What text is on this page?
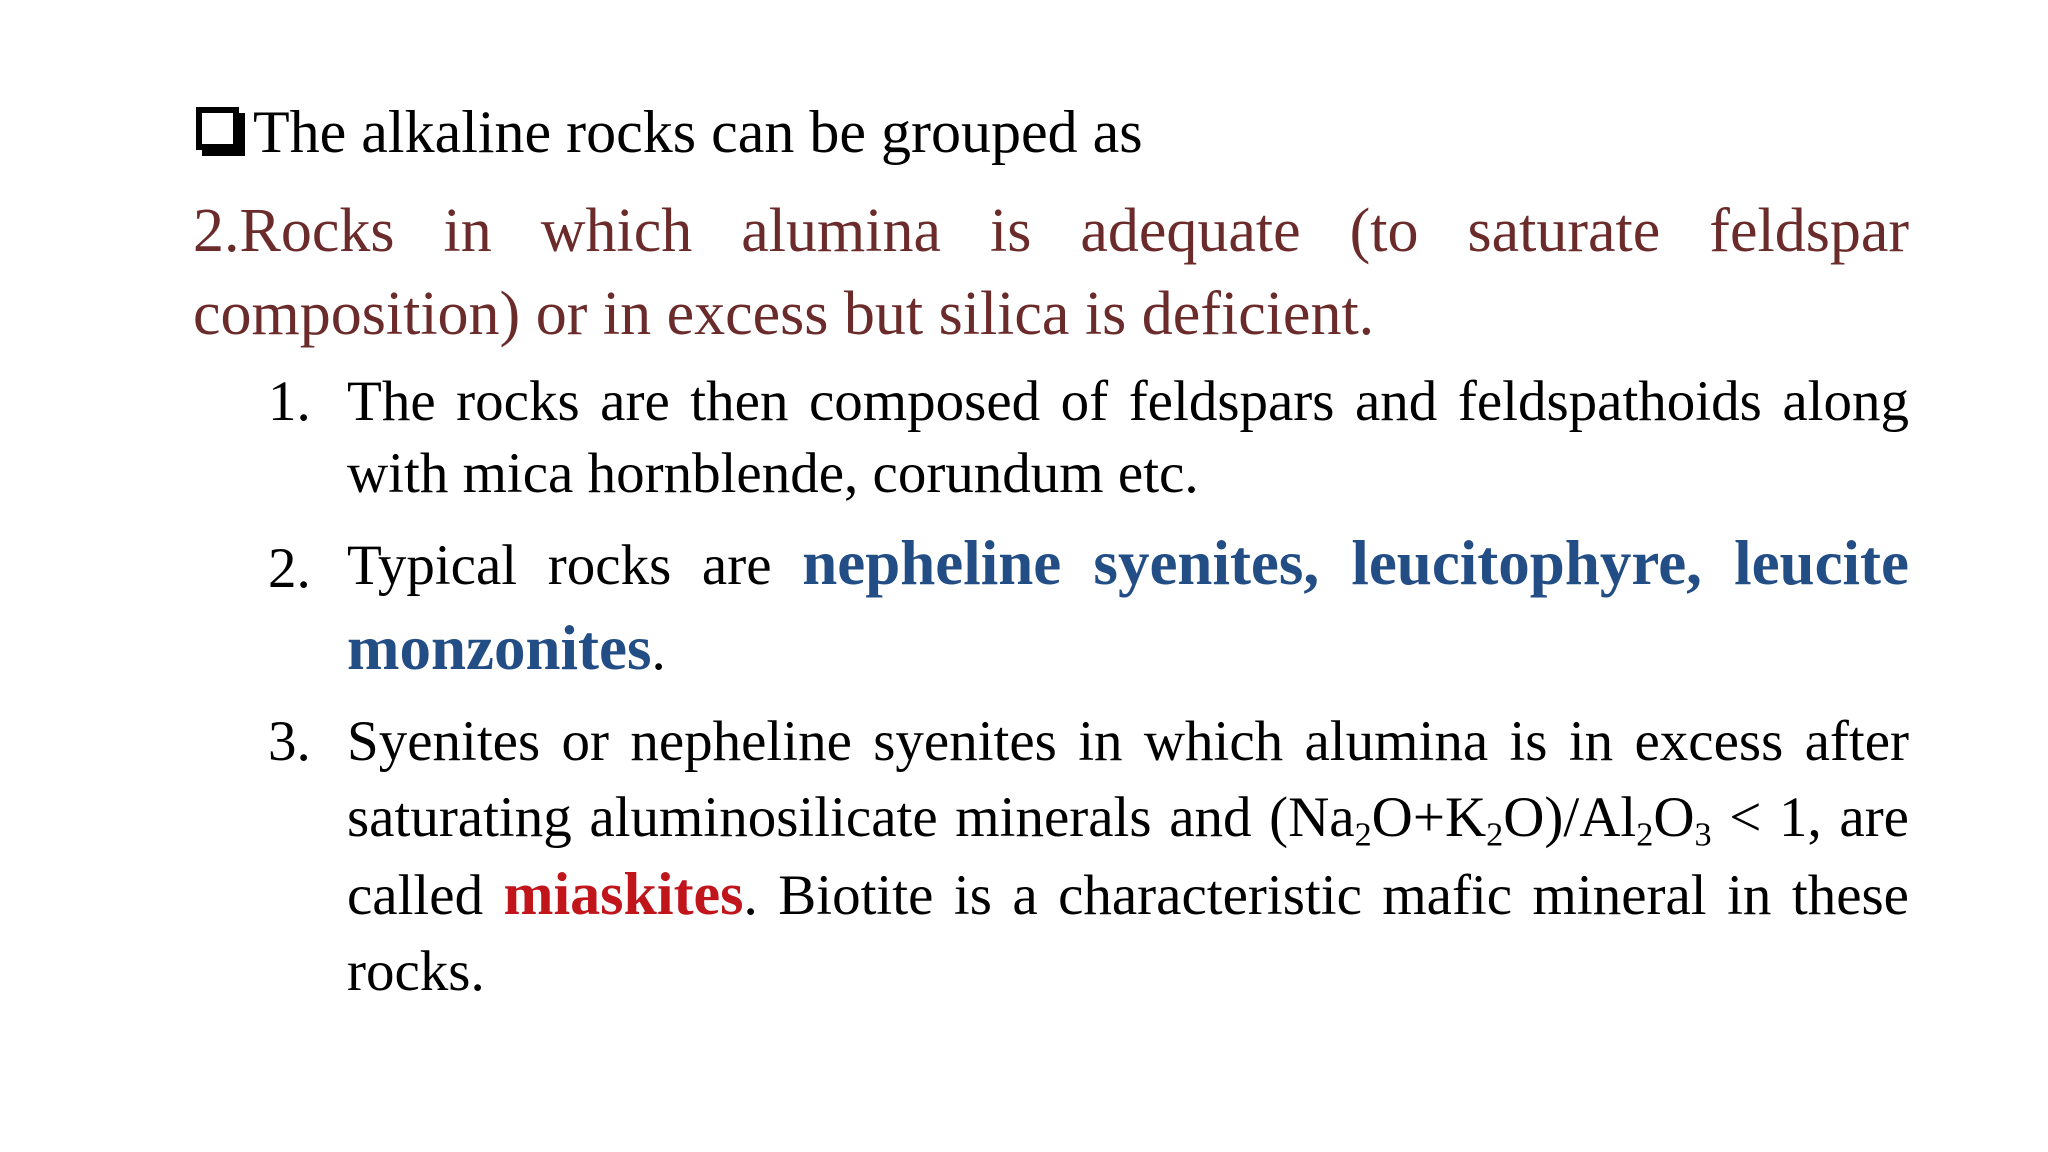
The alkaline rocks can be grouped as
2.Rocks in which alumina is adequate (to saturate feldspar composition) or in excess but silica is deficient.
1. The rocks are then composed of feldspars and feldspathoids along with mica hornblende, corundum etc.
2. Typical rocks are nepheline syenites, leucitophyre, leucite monzonites.
3. Syenites or nepheline syenites in which alumina is in excess after saturating aluminosilicate minerals and $(Na_2O+K_2O)/Al_2O_3 < 1$, are called miaskites. Biotite is a characteristic mafic mineral in these rocks.
